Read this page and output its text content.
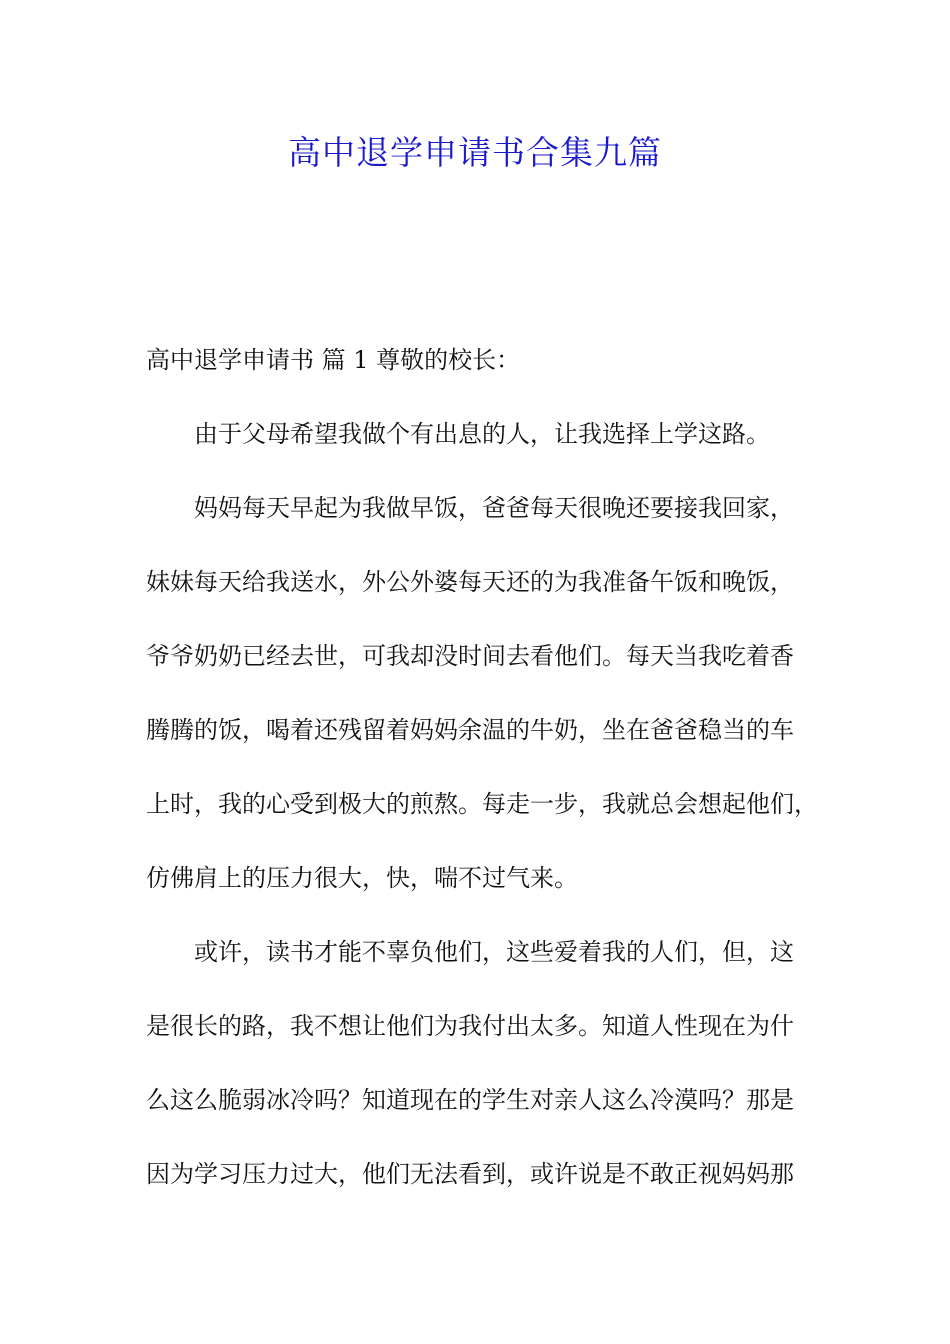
高中退学申请书合集九篇
高中退学申请书 篇 1 尊敬的校长：
由于父母希望我做个有出息的人，让我选择上学这路。
妈妈每天早起为我做早饭，爸爸每天很晚还要接我回家，
妹妹每天给我送水，外公外婆每天还的为我准备午饭和晚饭，
爷爷奶奶已经去世，可我却没时间去看他们。每天当我吃着香
腾腾的饭，喝着还残留着妈妈余温的牛奶，坐在爸爸稳当的车
上时，我的心受到极大的煎熬。每走一步，我就总会想起他们，
仿佛肩上的压力很大，快，喘不过气来。
或许，读书才能不辜负他们，这些爱着我的人们，但，这
是很长的路，我不想让他们为我付出太多。知道人性现在为什
么这么脆弱冰冷吗？知道现在的学生对亲人这么冷漠吗？那是
因为学习压力过大，他们无法看到，或许说是不敢正视妈妈那
